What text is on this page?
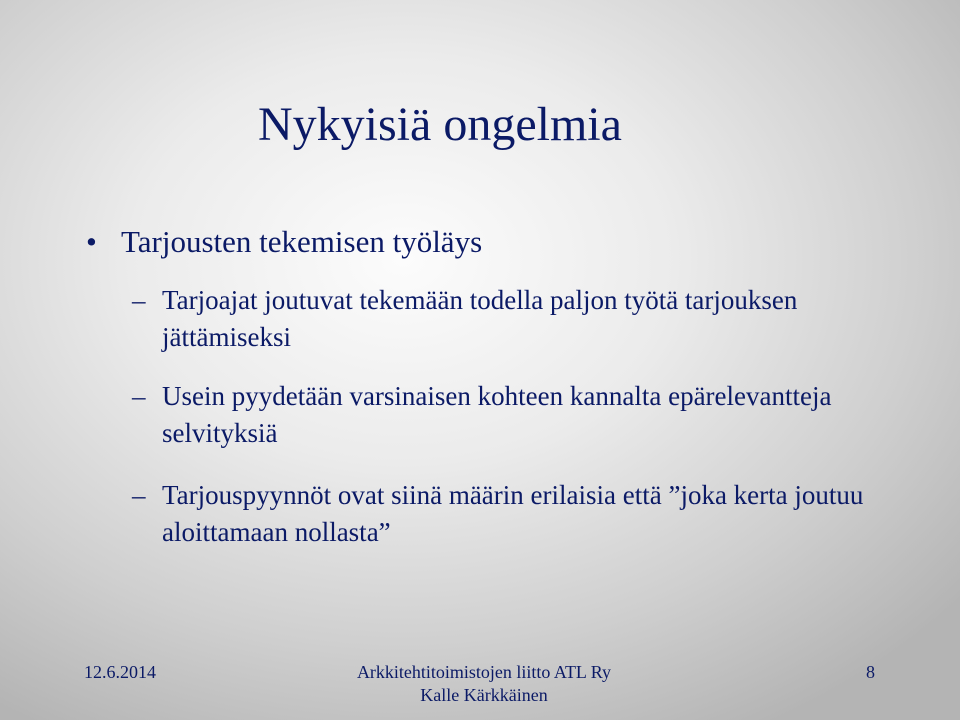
Nykyisiä ongelmia
• Tarjousten tekemisen työläys
– Tarjoajat joutuvat tekemään todella paljon työtä tarjouksen jättämiseksi
– Usein pyydetään varsinaisen kohteen kannalta epärelevantteja selvityksiä
– Tarjouspyynnöt ovat siinä määrin erilaisia että ”joka kerta joutuu aloittamaan nollasta”
12.6.2014	Arkkitehtitoimistojen liitto ATL Ry
Kalle Kärkkäinen
8
